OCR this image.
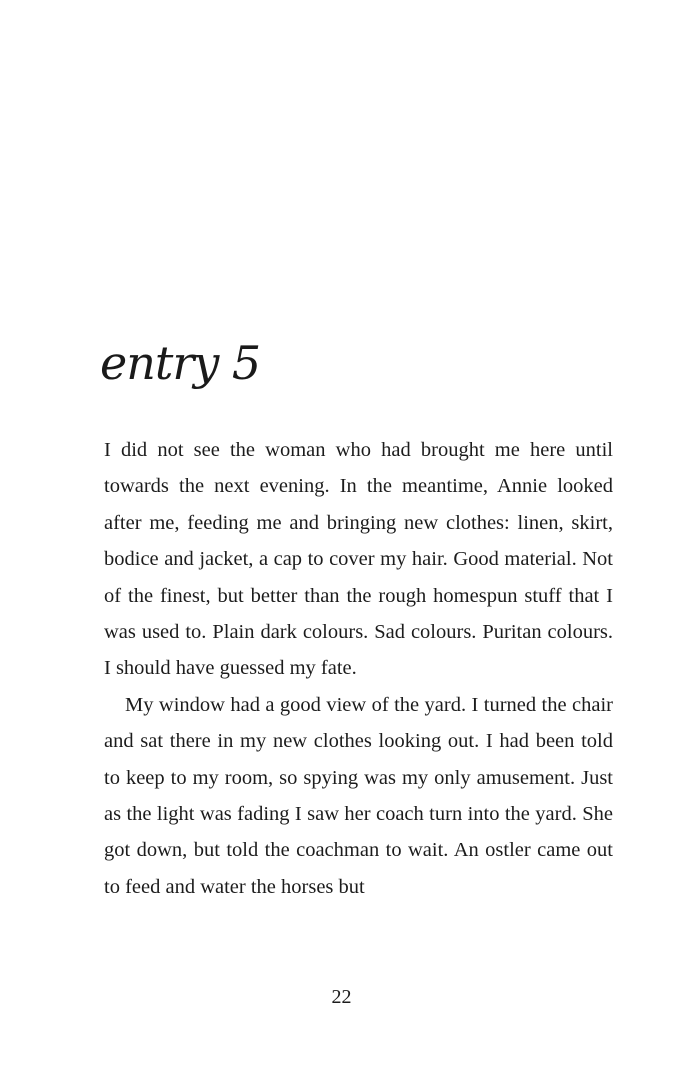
entry 5

I did not see the woman who had brought me here until towards the next evening. In the meantime, Annie looked after me, feeding me and bringing new clothes: linen, skirt, bodice and jacket, a cap to cover my hair. Good material. Not of the finest, but better than the rough homespun stuff that I was used to. Plain dark colours. Sad colours. Puritan colours. I should have guessed my fate.

My window had a good view of the yard. I turned the chair and sat there in my new clothes looking out. I had been told to keep to my room, so spying was my only amusement. Just as the light was fading I saw her coach turn into the yard. She got down, but told the coachman to wait. An ostler came out to feed and water the horses but

22
